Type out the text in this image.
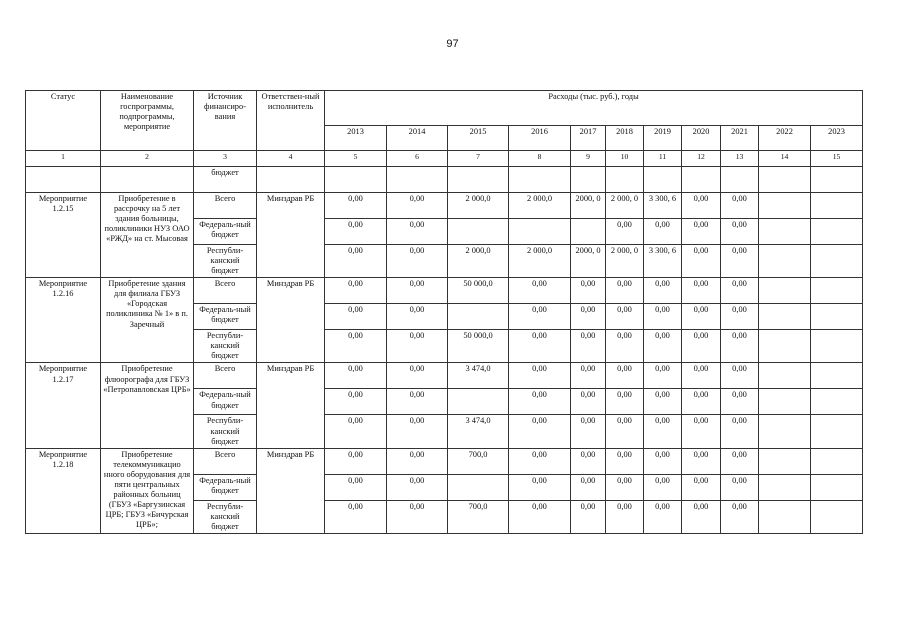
97
Статус	Наименование госпрограммы, подпрограммы, мероприятие	Источник финансиро-вания	Ответствен-ный исполнитель	Расходы (тыс. руб.), годы										
				2013	2014	2015	2016	2017	2018	2019	2020	2021	2022	2023
1	2	3	4	5	6	7	8	9	10	11	12	13	14	15
		бюджет												
Мероприятие 1.2.15	Приобретение в рассрочку на 5 лет здания больницы, поликлиники НУЗ ОАО «РЖД» на ст. Мысовая	Всего	Минздрав РБ	0,00	0,00	2 000,0	2 000,0	2000, 0	2 000, 0	3 300, 6	0,00	0,00		
		Федераль-ный бюджет		0,00	0,00				0,00	0,00	0,00	0,00		
		Республи-канский бюджет		0,00	0,00	2 000,0	2 000,0	2000, 0	2 000, 0	3 300, 6	0,00	0,00		
Мероприятие 1.2.16	Приобретение здания для филиала ГБУЗ «Городская поликлиника № 1» в п. Заречный	Всего	Минздрав РБ	0,00	0,00	50 000,0	0,00	0,00	0,00	0,00	0,00	0,00		
		Федераль-ный бюджет		0,00	0,00		0,00	0,00	0,00	0,00	0,00	0,00		
		Республи-канский бюджет		0,00	0,00	50 000,0	0,00	0,00	0,00	0,00	0,00	0,00		
Мероприятие 1.2.17	Приобретение флюорографа для ГБУЗ «Петропавловская ЦРБ»	Всего	Минздрав РБ	0,00	0,00	3 474,0	0,00	0,00	0,00	0,00	0,00	0,00		
		Федераль-ный бюджет		0,00	0,00		0,00	0,00	0,00	0,00	0,00	0,00		
		Республи-канский бюджет		0,00	0,00	3 474,0	0,00	0,00	0,00	0,00	0,00	0,00		
Мероприятие 1.2.18	Приобретение телекоммуникацио нного оборудования для пяти центральных районных больниц (ГБУЗ «Баргузинская ЦРБ; ГБУЗ «Бичурская ЦРБ»;	Всего	Минздрав РБ	0,00	0,00	700,0	0,00	0,00	0,00	0,00	0,00	0,00		
		Федераль-ный бюджет		0,00	0,00		0,00	0,00	0,00	0,00	0,00	0,00		
		Республи-канский бюджет		0,00	0,00	700,0	0,00	0,00	0,00	0,00	0,00	0,00		
